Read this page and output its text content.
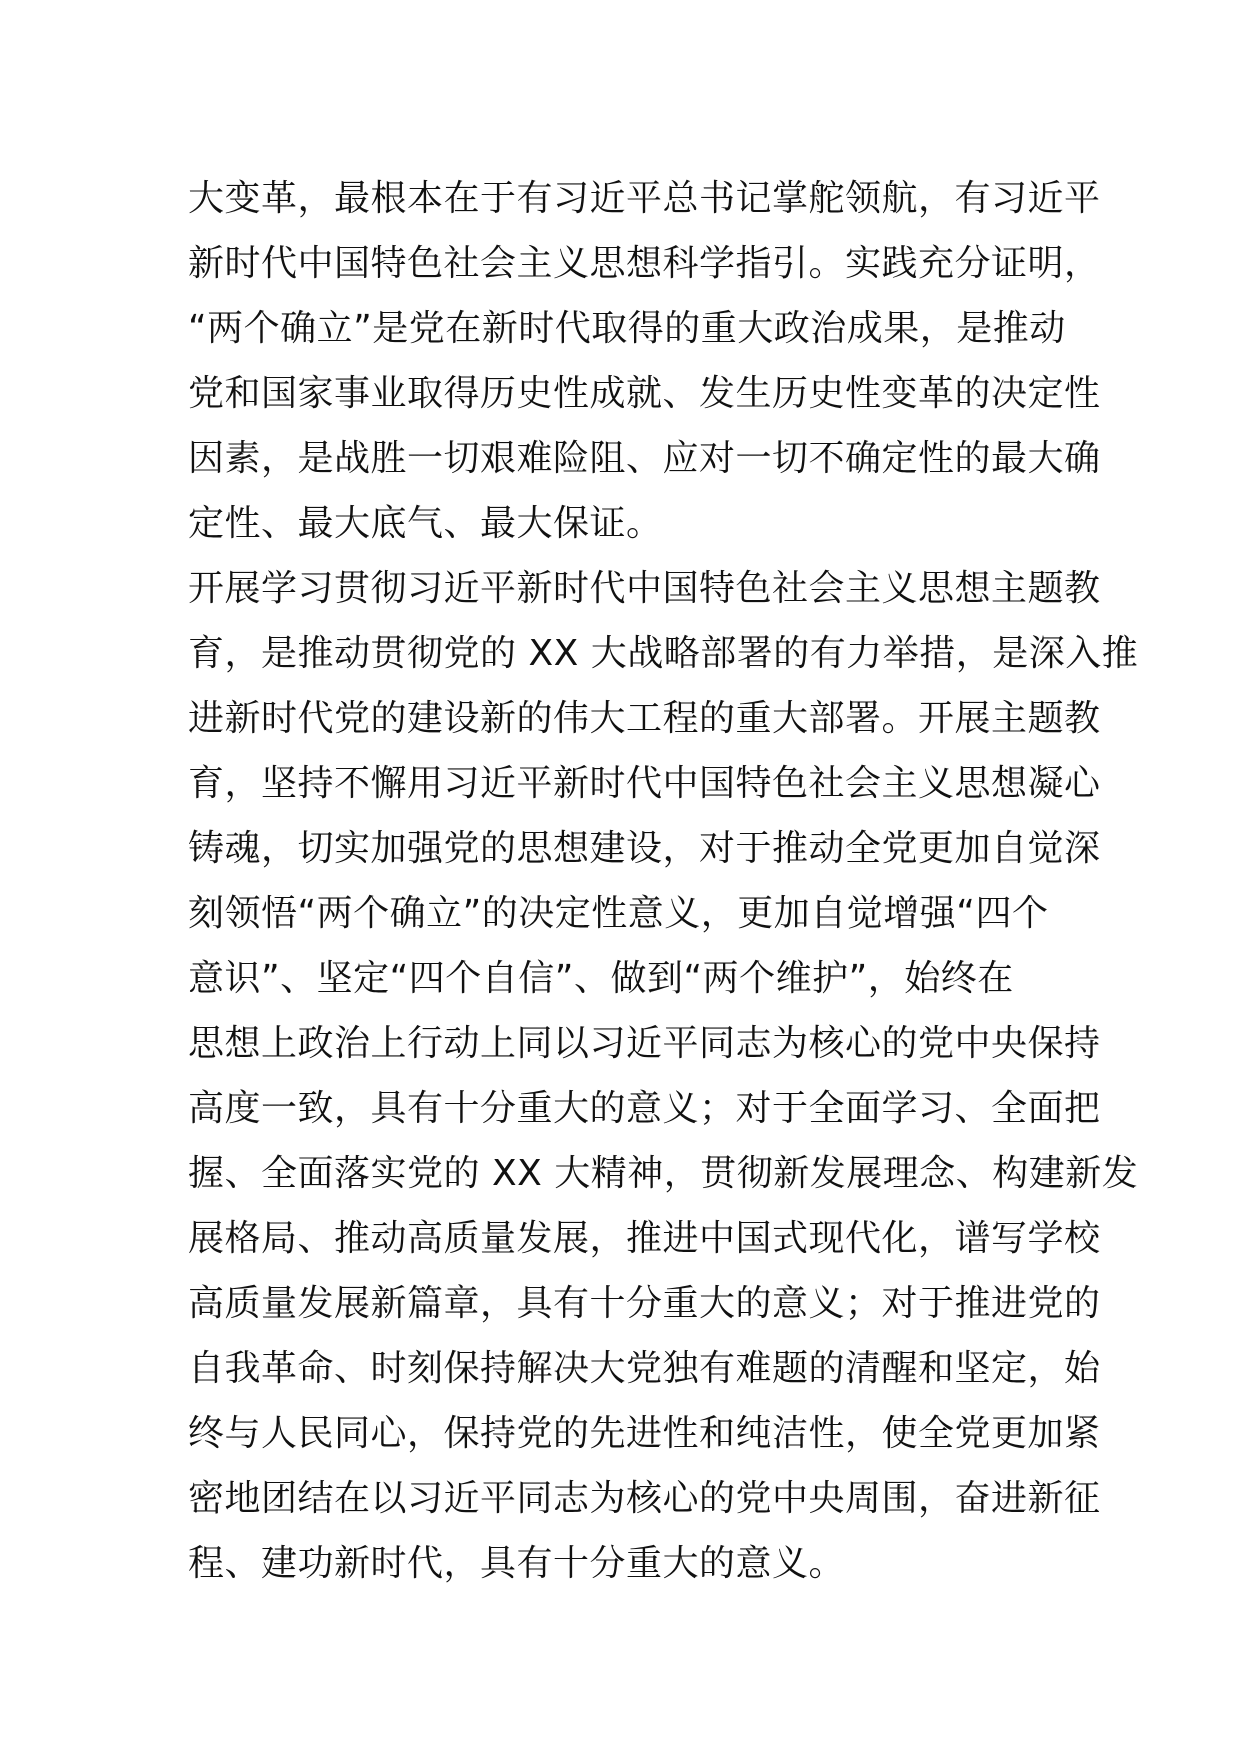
大变革，最根本在于有习近平总书记掌舵领航，有习近平
新时代中国特色社会主义思想科学指引。实践充分证明，
“两个确立”是党在新时代取得的重大政治成果，是推动
党和国家事业取得历史性成就、发生历史性变革的决定性
因素，是战胜一切艰难险阻、应对一切不确定性的最大确
定性、最大底气、最大保证。
开展学习贯彻习近平新时代中国特色社会主义思想主题教
育，是推动贯彻党的 XX 大战略部署的有力举措，是深入推
进新时代党的建设新的伟大工程的重大部署。开展主题教
育，坚持不懈用习近平新时代中国特色社会主义思想凝心
铸魂，切实加强党的思想建设，对于推动全党更加自觉深
刻领悟“两个确立”的决定性意义，更加自觉增强“四个
意识”、坚定“四个自信”、做到“两个维护”，始终在
思想上政治上行动上同以习近平同志为核心的党中央保持
高度一致，具有十分重大的意义；对于全面学习、全面把
握、全面落实党的 XX 大精神，贯彻新发展理念、构建新发
展格局、推动高质量发展，推进中国式现代化，谱写学校
高质量发展新篇章，具有十分重大的意义；对于推进党的
自我革命、时刻保持解决大党独有难题的清醒和坚定，始
终与人民同心，保持党的先进性和纯洁性，使全党更加紧
密地团结在以习近平同志为核心的党中央周围，奋进新征
程、建功新时代，具有十分重大的意义。
